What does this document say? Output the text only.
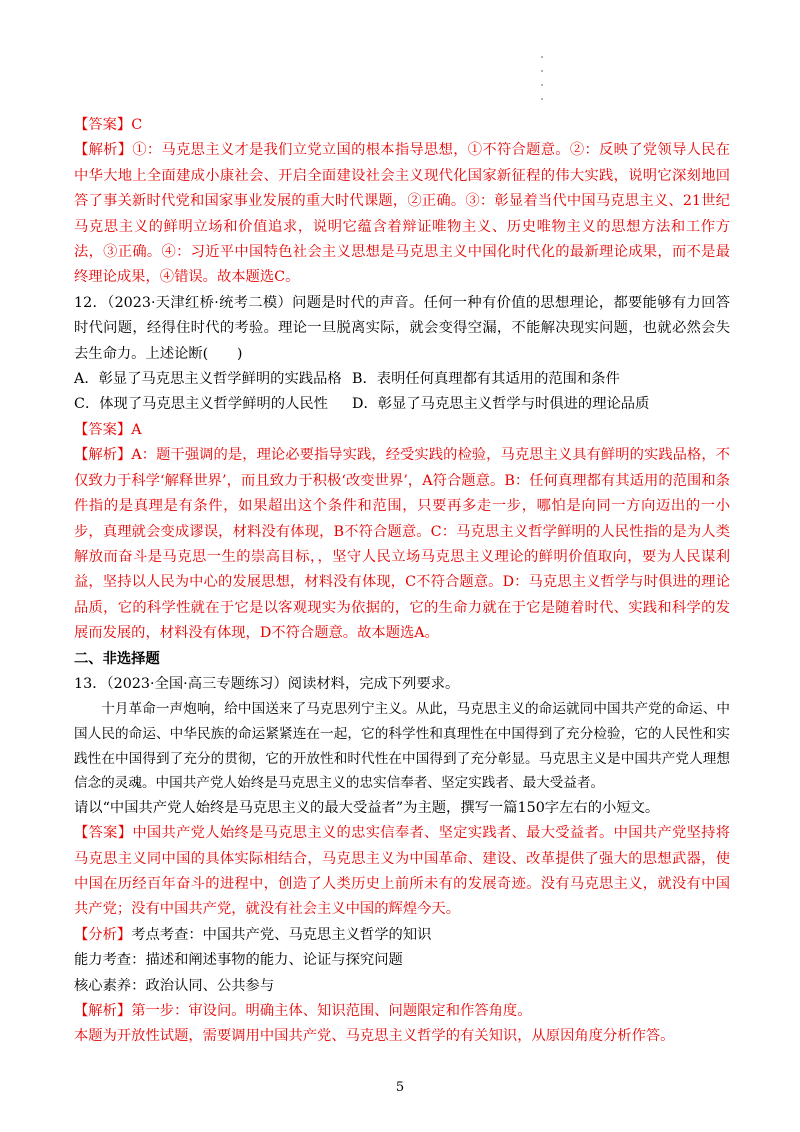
【答案】C

【解析】①：马克思主义才是我们立党立国的根本指导思想，①不符合题意。②：反映了党领导人民在中华大地上全面建成小康社会、开启全面建设社会主义现代化国家新征程的伟大实践，说明它深刻地回答了事关新时代党和国家事业发展的重大时代课题，②正确。③：彰显着当代中国马克思主义、21世纪马克思主义的鲜明立场和价值追求，说明它蕴含着辩证唯物主义、历史唯物主义的思想方法和工作方法，③正确。④：习近平中国特色社会主义思想是马克思主义中国化时代化的最新理论成果，而不是最终理论成果，④错误。故本题选C。

12．（2023·天津红桥·统考二模）问题是时代的声音。任何一种有价值的思想理论，都要能够有力回答时代问题，经得住时代的考验。理论一旦脱离实际，就会变得空漏，不能解决现实问题，也就必然会失去生命力。上述论断(　　)

A．彰显了马克思主义哲学鲜明的实践品格 B．表明任何真理都有其适用的范围和条件
C．体现了马克思主义哲学鲜明的人民性	D．彰显了马克思主义哲学与时俱进的理论品质

【答案】A

【解析】A：题干强调的是，理论必要指导实践，经受实践的检验，马克思主义具有鲜明的实践品格，不仅致力于科学‘解释世界’，而且致力于积极‘改变世界’，A符合题意。B：任何真理都有其适用的范围和条件指的是真理是有条件，如果超出这个条件和范围，只要再多走一步，哪怕是向同一方向迈出的一小步，真理就会变成谬误，材料没有体现，B不符合题意。C：马克思主义哲学鲜明的人民性指的是为人类解放而奋斗是马克思一生的崇高目标，，坚守人民立场马克思主义理论的鲜明价值取向，要为人民谋利益，坚持以人民为中心的发展思想，材料没有体现，C不符合题意。D：马克思主义哲学与时俱进的理论品质，它的科学性就在于它是以客观现实为依据的，它的生命力就在于它是随着时代、实践和科学的发展而发展的，材料没有体现，D不符合题意。故本题选A。

二、非选择题

13．（2023·全国·高三专题练习）阅读材料，完成下列要求。

十月革命一声炮响，给中国送来了马克思列宁主义。从此，马克思主义的命运就同中国共产党的命运、中国人民的命运、中华民族的命运紧紧连在一起，它的科学性和真理性在中国得到了充分检验，它的人民性和实践性在中国得到了充分的贯彻，它的开放性和时代性在中国得到了充分彰显。马克思主义是中国共产党人理想信念的灵魂。中国共产党人始终是马克思主义的忠实信奉者、坚定实践者、最大受益者。

请以“中国共产党人始终是马克思主义的最大受益者”为主题，撰写一篇150字左右的小短文。

【答案】中国共产党人始终是马克思主义的忠实信奉者、坚定实践者、最大受益者。中国共产党坚持将马克思主义同中国的具体实际相结合，马克思主义为中国革命、建设、改革提供了强大的思想武器，使中国在历经百年奋斗的进程中，创造了人类历史上前所未有的发展奇迹。没有马克思主义，就没有中国共产党；没有中国共产党，就没有社会主义中国的辉煌今天。

【分析】考点考查：中国共产党、马克思主义哲学的知识

能力考查：描述和阐述事物的能力、论证与探究问题

核心素养：政治认同、公共参与

【解析】第一步：审设问。明确主体、知识范围、问题限定和作答角度。

本题为开放性试题，需要调用中国共产党、马克思主义哲学的有关知识，从原因角度分析作答。

5
